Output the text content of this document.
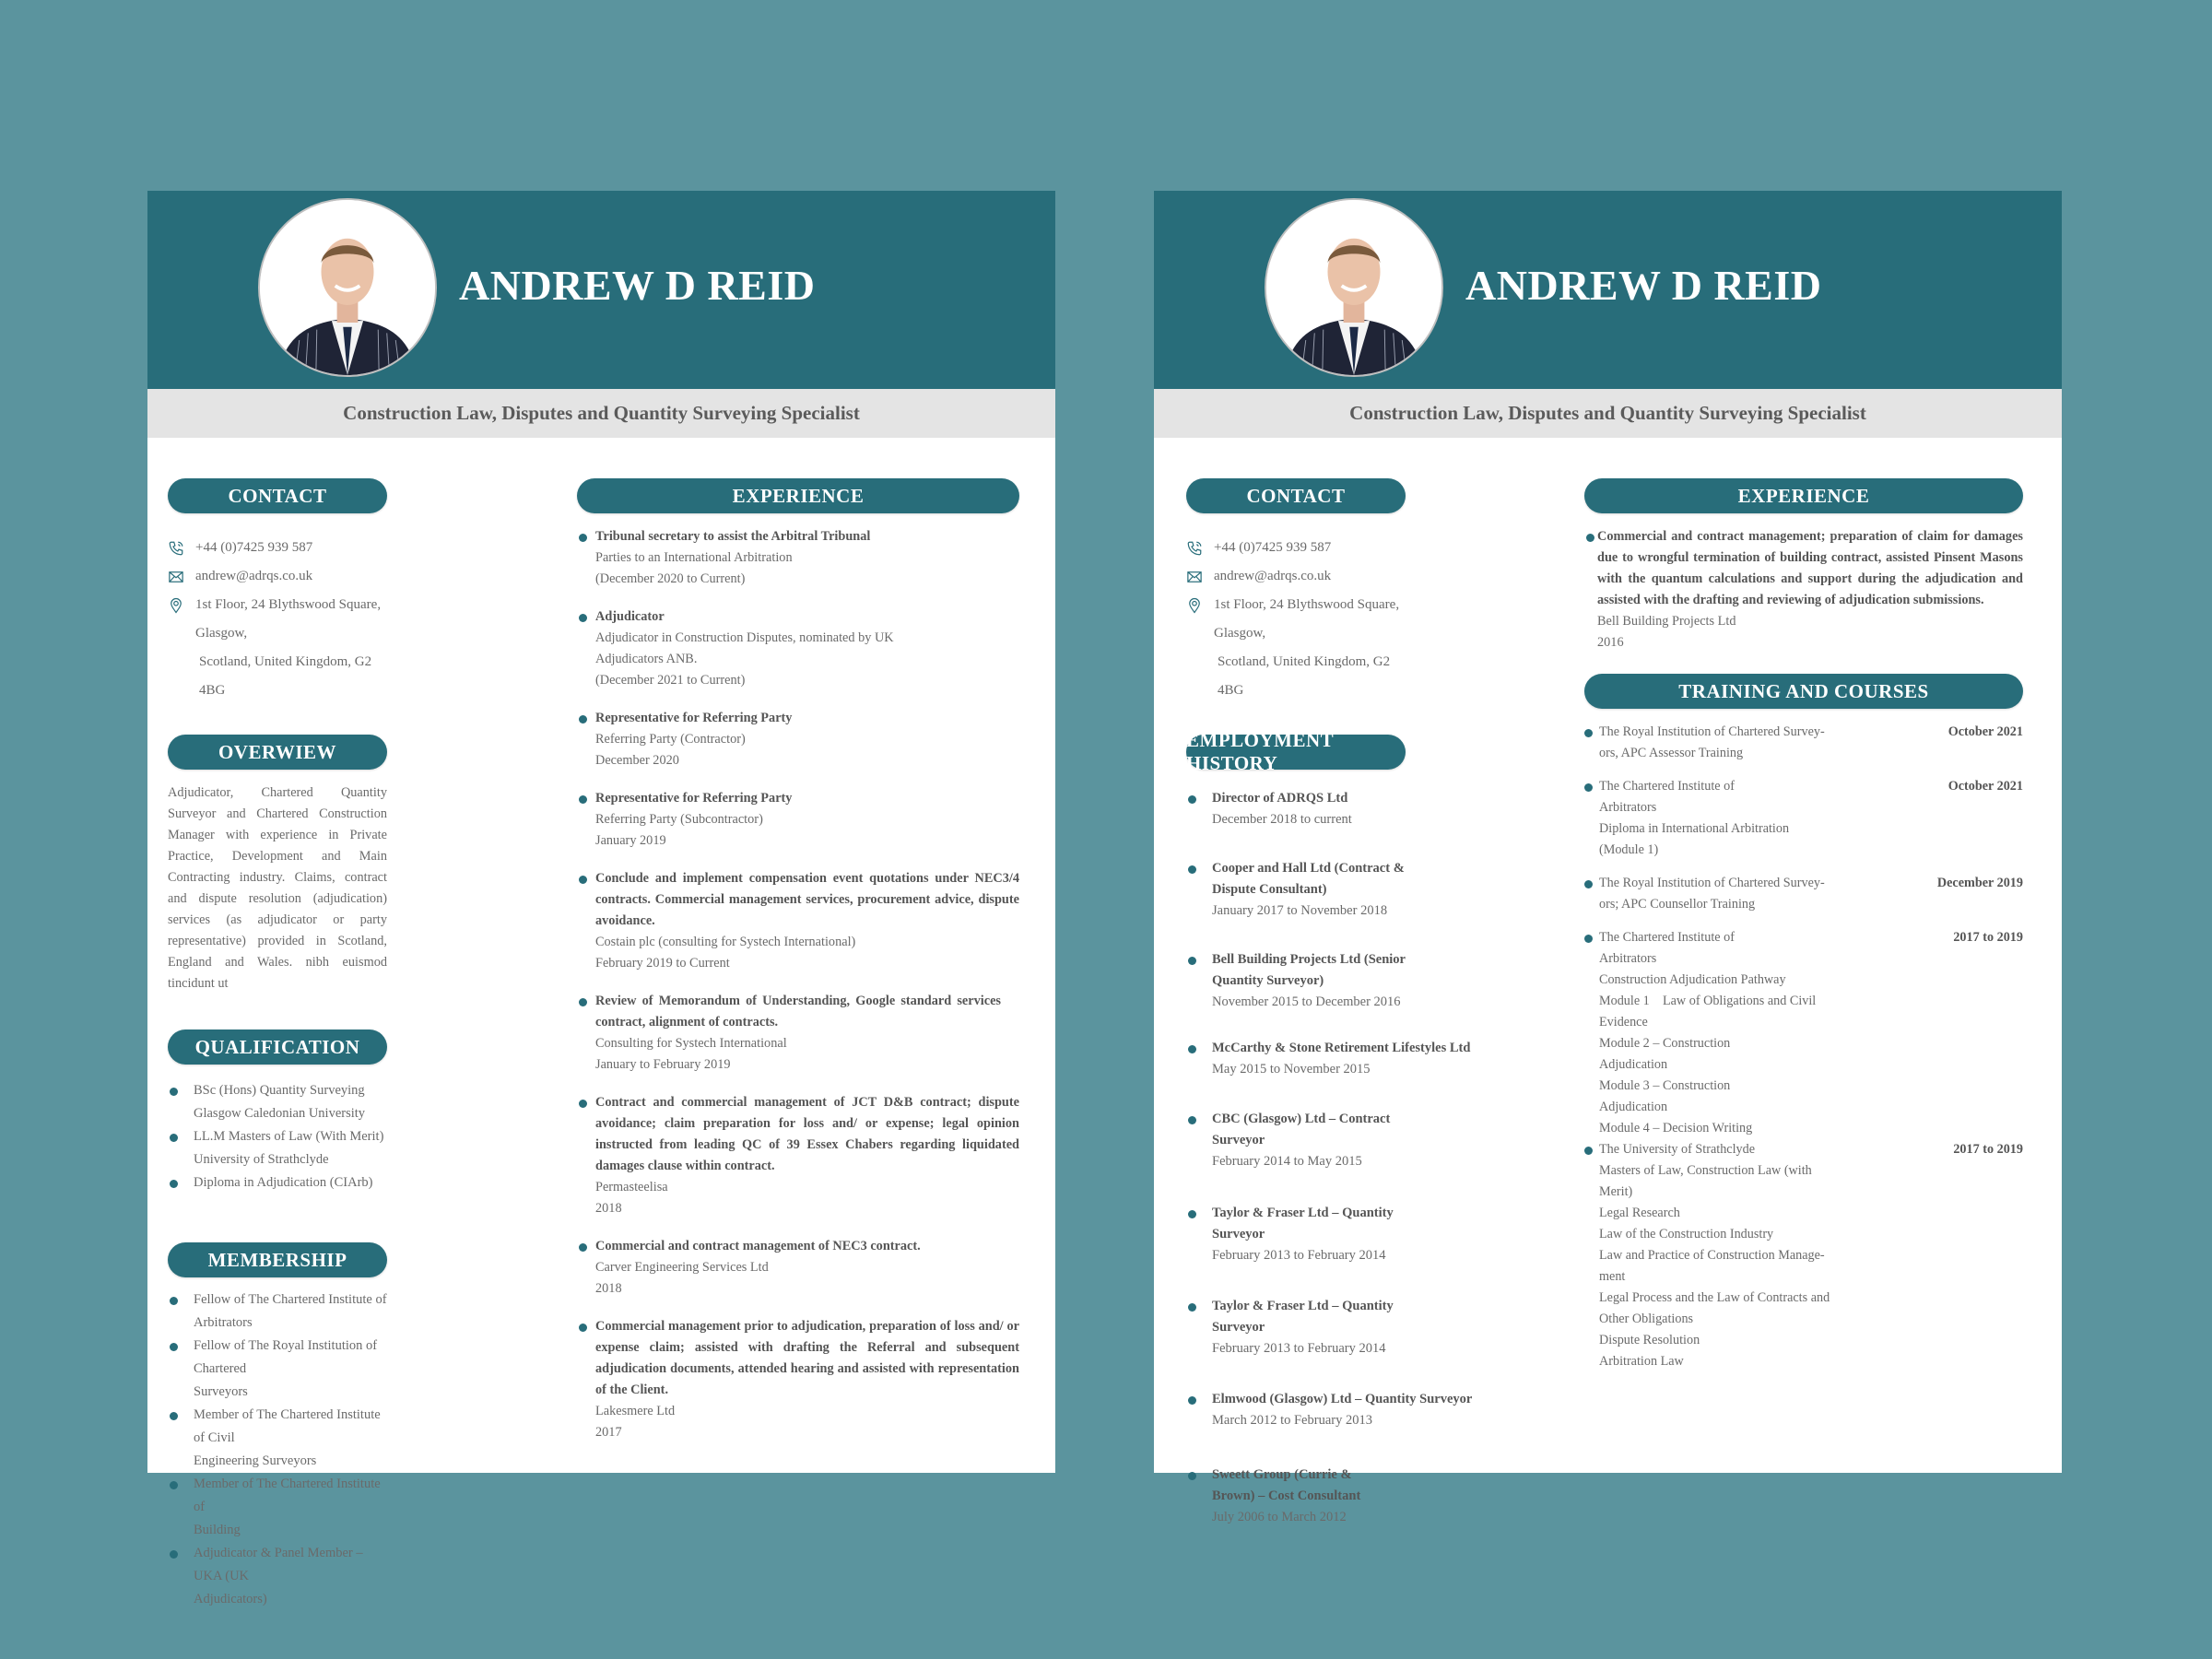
ANDREW D REID
Construction Law, Disputes and Quantity Surveying Specialist
CONTACT
+44 (0)7425 939 587
andrew@adrqs.co.uk
1st Floor, 24 Blythswood Square, Glasgow,
Scotland, United Kingdom, G2 4BG
OVERWIEW

Adjudicator, Chartered Quantity Surveyor and Chartered Construction Manager with experience in Private Practice, Development and Main Contracting industry. Claims, contract and dispute resolution (adjudication) services (as adjudicator or party representative) provided in Scotland, England and Wales. nibh euismod tincidunt ut

QUALIFICATION
BSc (Hons) Quantity Surveying
Glasgow Caledonian University
LL.M Masters of Law (With Merit)
University of Strathclyde
Diploma in Adjudication (CIArb)
MEMBERSHIP
Fellow of The Chartered Institute of
Arbitrators
Fellow of The Royal Institution of Chartered
Surveyors
Member of The Chartered Institute of Civil
Engineering Surveyors
Member of The Chartered Institute of
Building
Adjudicator & Panel Member – UKA (UK
Adjudicators)
EXPERIENCE
Tribunal secretary to assist the Arbitral Tribunal
Parties to an International Arbitration
(December 2020 to Current)
Adjudicator
Adjudicator in Construction Disputes, nominated by UK Adjudicators ANB.
(December 2021 to Current)
Representative for Referring Party
Referring Party (Contractor)
December 2020
Representative for Referring Party
Referring Party (Subcontractor)
January 2019
Conclude and implement compensation event quotations under NEC3/4 contracts. Commercial management services, procurement advice, dispute avoidance.
Costain plc (consulting for Systech International)
February 2019 to Current
Review of Memorandum of Understanding, Google standard services contract, alignment of contracts.
Consulting for Systech International
January to February 2019
Contract and commercial management of JCT D&B contract; dispute avoidance; claim preparation for loss and/ or expense; legal opinion instructed from leading QC of 39 Essex Chabers regarding liquidated damages clause within contract.
Permasteelisa
2018
Commercial and contract management of NEC3 contract.
Carver Engineering Services Ltd
2018
Commercial management prior to adjudication, preparation of loss and/ or expense claim; assisted with drafting the Referral and subsequent adjudication documents, attended hearing and assisted with representation of the Client.
Lakesmere Ltd
2017
ANDREW D REID
Construction Law, Disputes and Quantity Surveying Specialist
CONTACT
+44 (0)7425 939 587
andrew@adrqs.co.uk
1st Floor, 24 Blythswood Square, Glasgow,
Scotland, United Kingdom, G2 4BG
EMPLOYMENT HISTORY
Director of ADRQS Ltd
December 2018 to current
Cooper and Hall Ltd (Contract & Dispute Consultant)
January 2017 to November 2018
Bell Building Projects Ltd (Senior Quantity Surveyor)
November 2015 to December 2016
McCarthy & Stone Retirement Lifestyles Ltd
May 2015 to November 2015
CBC (Glasgow) Ltd – Contract Surveyor
February 2014 to May 2015
Taylor & Fraser Ltd – Quantity Surveyor
February 2013 to February 2014
Taylor & Fraser Ltd – Quantity Surveyor
February 2013 to February 2014
Elmwood (Glasgow) Ltd – Quantity Surveyor
March 2012 to February 2013
Sweett Group (Currie & Brown) – Cost Consultant
July 2006 to March 2012
EXPERIENCE
Commercial and contract management; preparation of claim for damages due to wrongful termination of building contract, assisted Pinsent Masons with the quantum calculations and support during the adjudication and assisted with the drafting and reviewing of adjudication submissions.
Bell Building Projects Ltd
2016
TRAINING AND COURSES
The Royal Institution of Chartered Survey-
ors, APC Assessor Training
October 2021
The Chartered Institute of
Arbitrators
Diploma in International Arbitration
(Module 1)
October 2021
The Royal Institution of Chartered Survey-
ors; APC Counsellor Training
December 2019
The Chartered Institute of
Arbitrators
Construction Adjudication Pathway
Module 1    Law of Obligations and Civil
Evidence
Module 2 – Construction
Adjudication
Module 3 – Construction
Adjudication
Module 4 – Decision Writing
2017 to 2019
The University of Strathclyde
Masters of Law, Construction Law (with
Merit)
Legal Research
Law of the Construction Industry
Law and Practice of Construction Manage-
ment
Legal Process and the Law of Contracts and
Other Obligations
Dispute Resolution
Arbitration Law
2017 to 2019
